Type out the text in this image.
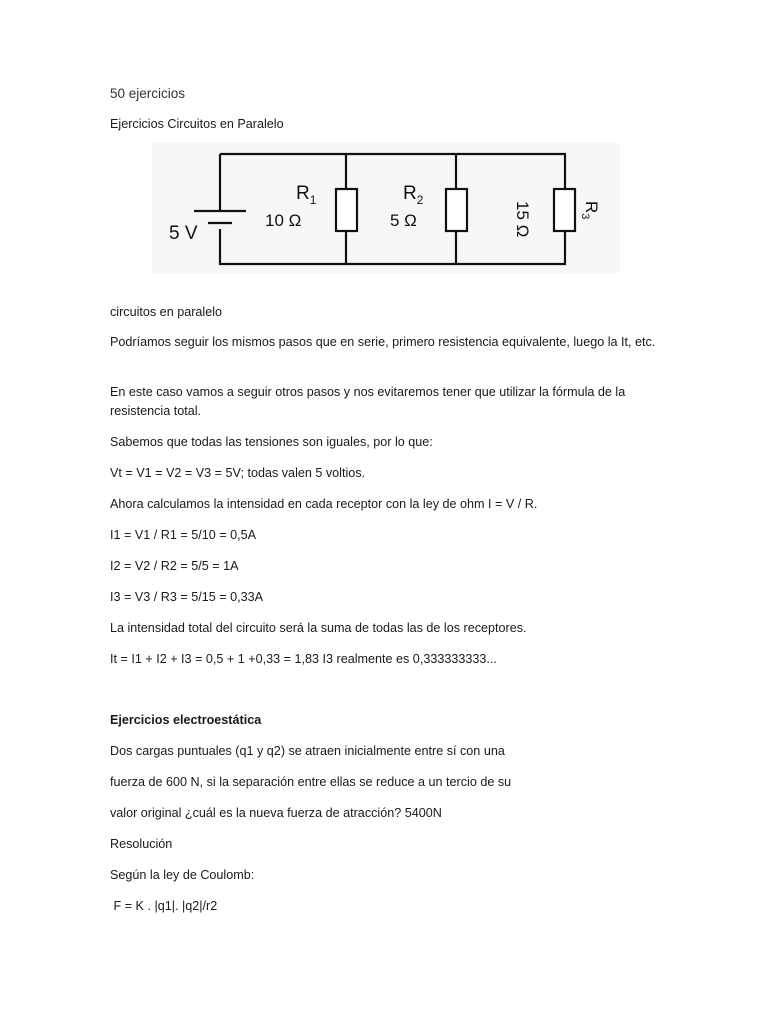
50 ejercicios
Ejercicios Circuitos en Paralelo
5 V
$R_1$
10 Ω
$R_2$
5 Ω	15 Ω	$R_3$
circuitos en paralelo
Podríamos seguir los mismos pasos que en serie, primero resistencia equivalente, luego la It, etc.
En este caso vamos a seguir otros pasos y nos evitaremos tener que utilizar la fórmula de la resistencia total.
Sabemos que todas las tensiones son iguales, por lo que:
Vt = V1 = V2 = V3 = 5V; todas valen 5 voltios.
Ahora calculamos la intensidad en cada receptor con la ley de ohm I = V / R.
I1 = V1 / R1 = 5/10 = 0,5A
I2 = V2 / R2 = 5/5 = 1A
I3 = V3 / R3 = 5/15 = 0,33A
La intensidad total del circuito será la suma de todas las de los receptores.
It = I1 + I2 + I3 = 0,5 + 1 +0,33 = 1,83 I3 realmente es 0,333333333...
Ejercicios electroestática
Dos cargas puntuales (q1 y q2) se atraen inicialmente entre sí con una
fuerza de 600 N, si la separación entre ellas se reduce a un tercio de su
valor original ¿cuál es la nueva fuerza de atracción? 5400N
Resolución
Según la ley de Coulomb:
F = K . |q1|. |q2|/r2
